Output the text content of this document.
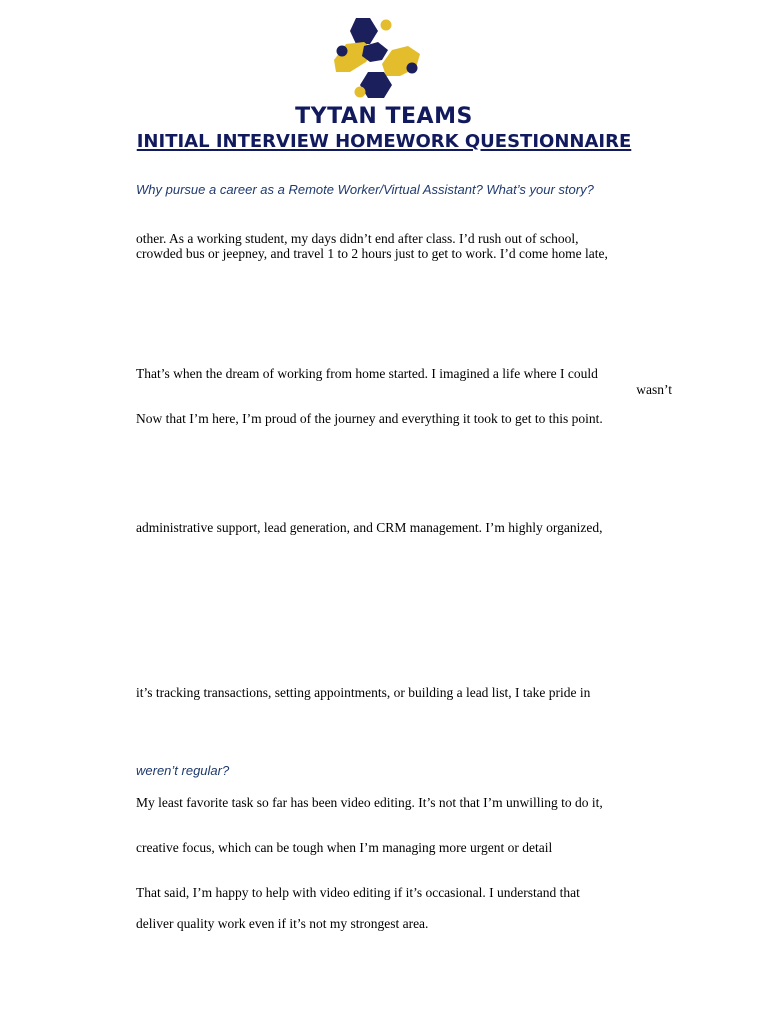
TYTAN TEAMS
INITIAL INTERVIEW HOMEWORK QUESTIONNAIRE
Why pursue a career as a Remote Worker/Virtual Assistant? What’s your story?
other. As a working student, my days didn’t end after class. I’d rush out of school,
crowded bus or jeepney, and travel 1 to 2 hours just to get to work. I’d come home late,
That’s when the dream of working from home started. I imagined a life where I could
wasn’t
Now that I’m here, I’m proud of the journey and everything it took to get to this point.
administrative support, lead generation, and CRM management. I’m highly organized,
it’s tracking transactions, setting appointments, or building a lead list, I take pride in
weren’t regular?
My least favorite task so far has been video editing. It’s not that I’m unwilling to do it,
creative focus, which can be tough when I’m managing more urgent or detail
That said, I’m happy to help with video editing if it’s occasional. I understand that
deliver quality work even if it’s not my strongest area.
